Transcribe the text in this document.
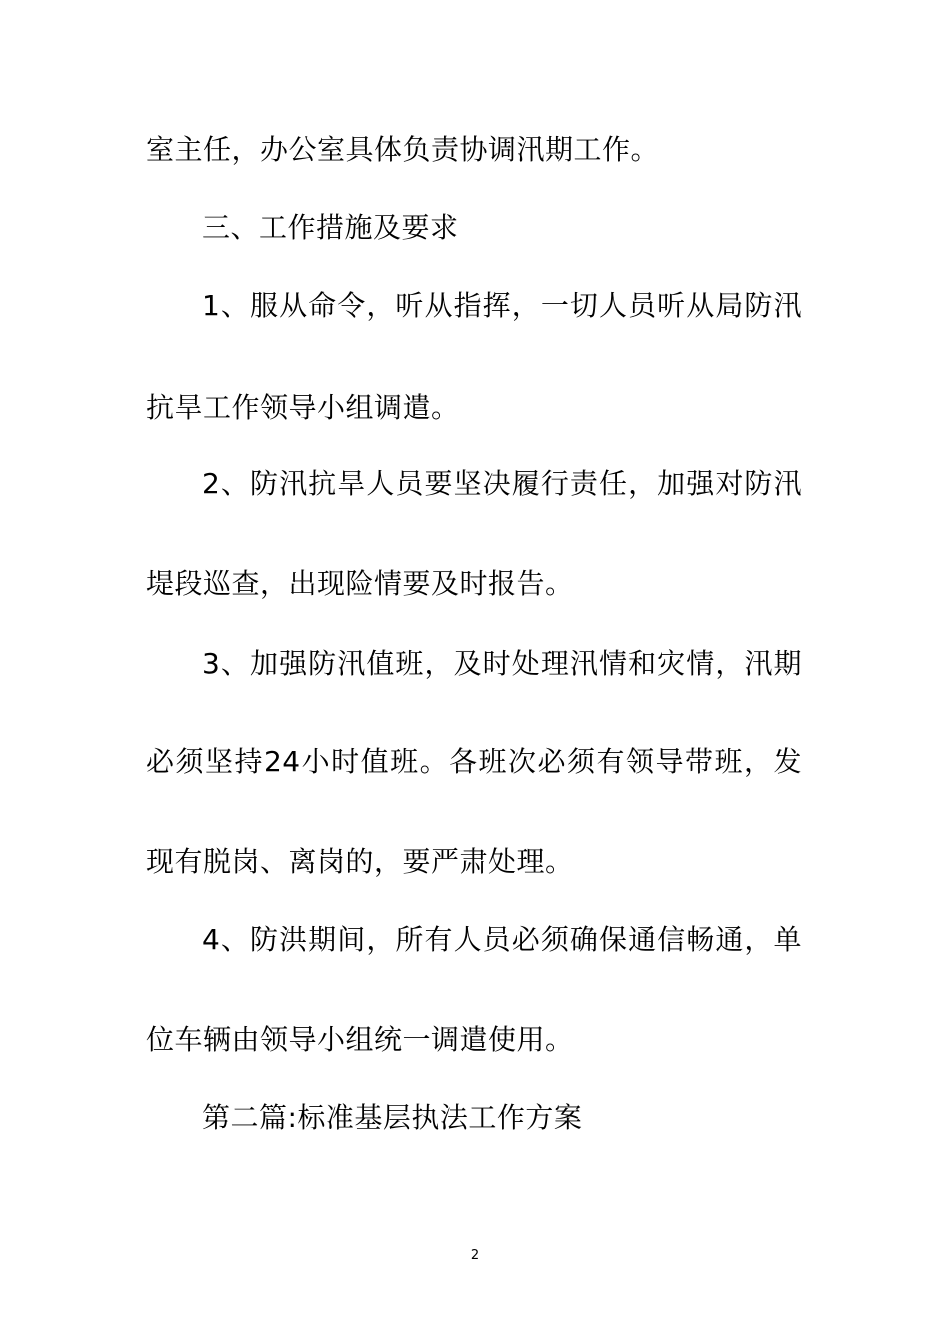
室主任，办公室具体负责协调汛期工作。
三、工作措施及要求
1、服从命令，听从指挥，一切人员听从局防汛
抗旱工作领导小组调遣。
2、防汛抗旱人员要坚决履行责任，加强对防汛
堤段巡查，出现险情要及时报告。
3、加强防汛值班，及时处理汛情和灾情，汛期
必须坚持24小时值班。各班次必须有领导带班，发
现有脱岗、离岗的，要严肃处理。
4、防洪期间，所有人员必须确保通信畅通，单
位车辆由领导小组统一调遣使用。
第二篇:标准基层执法工作方案
2
